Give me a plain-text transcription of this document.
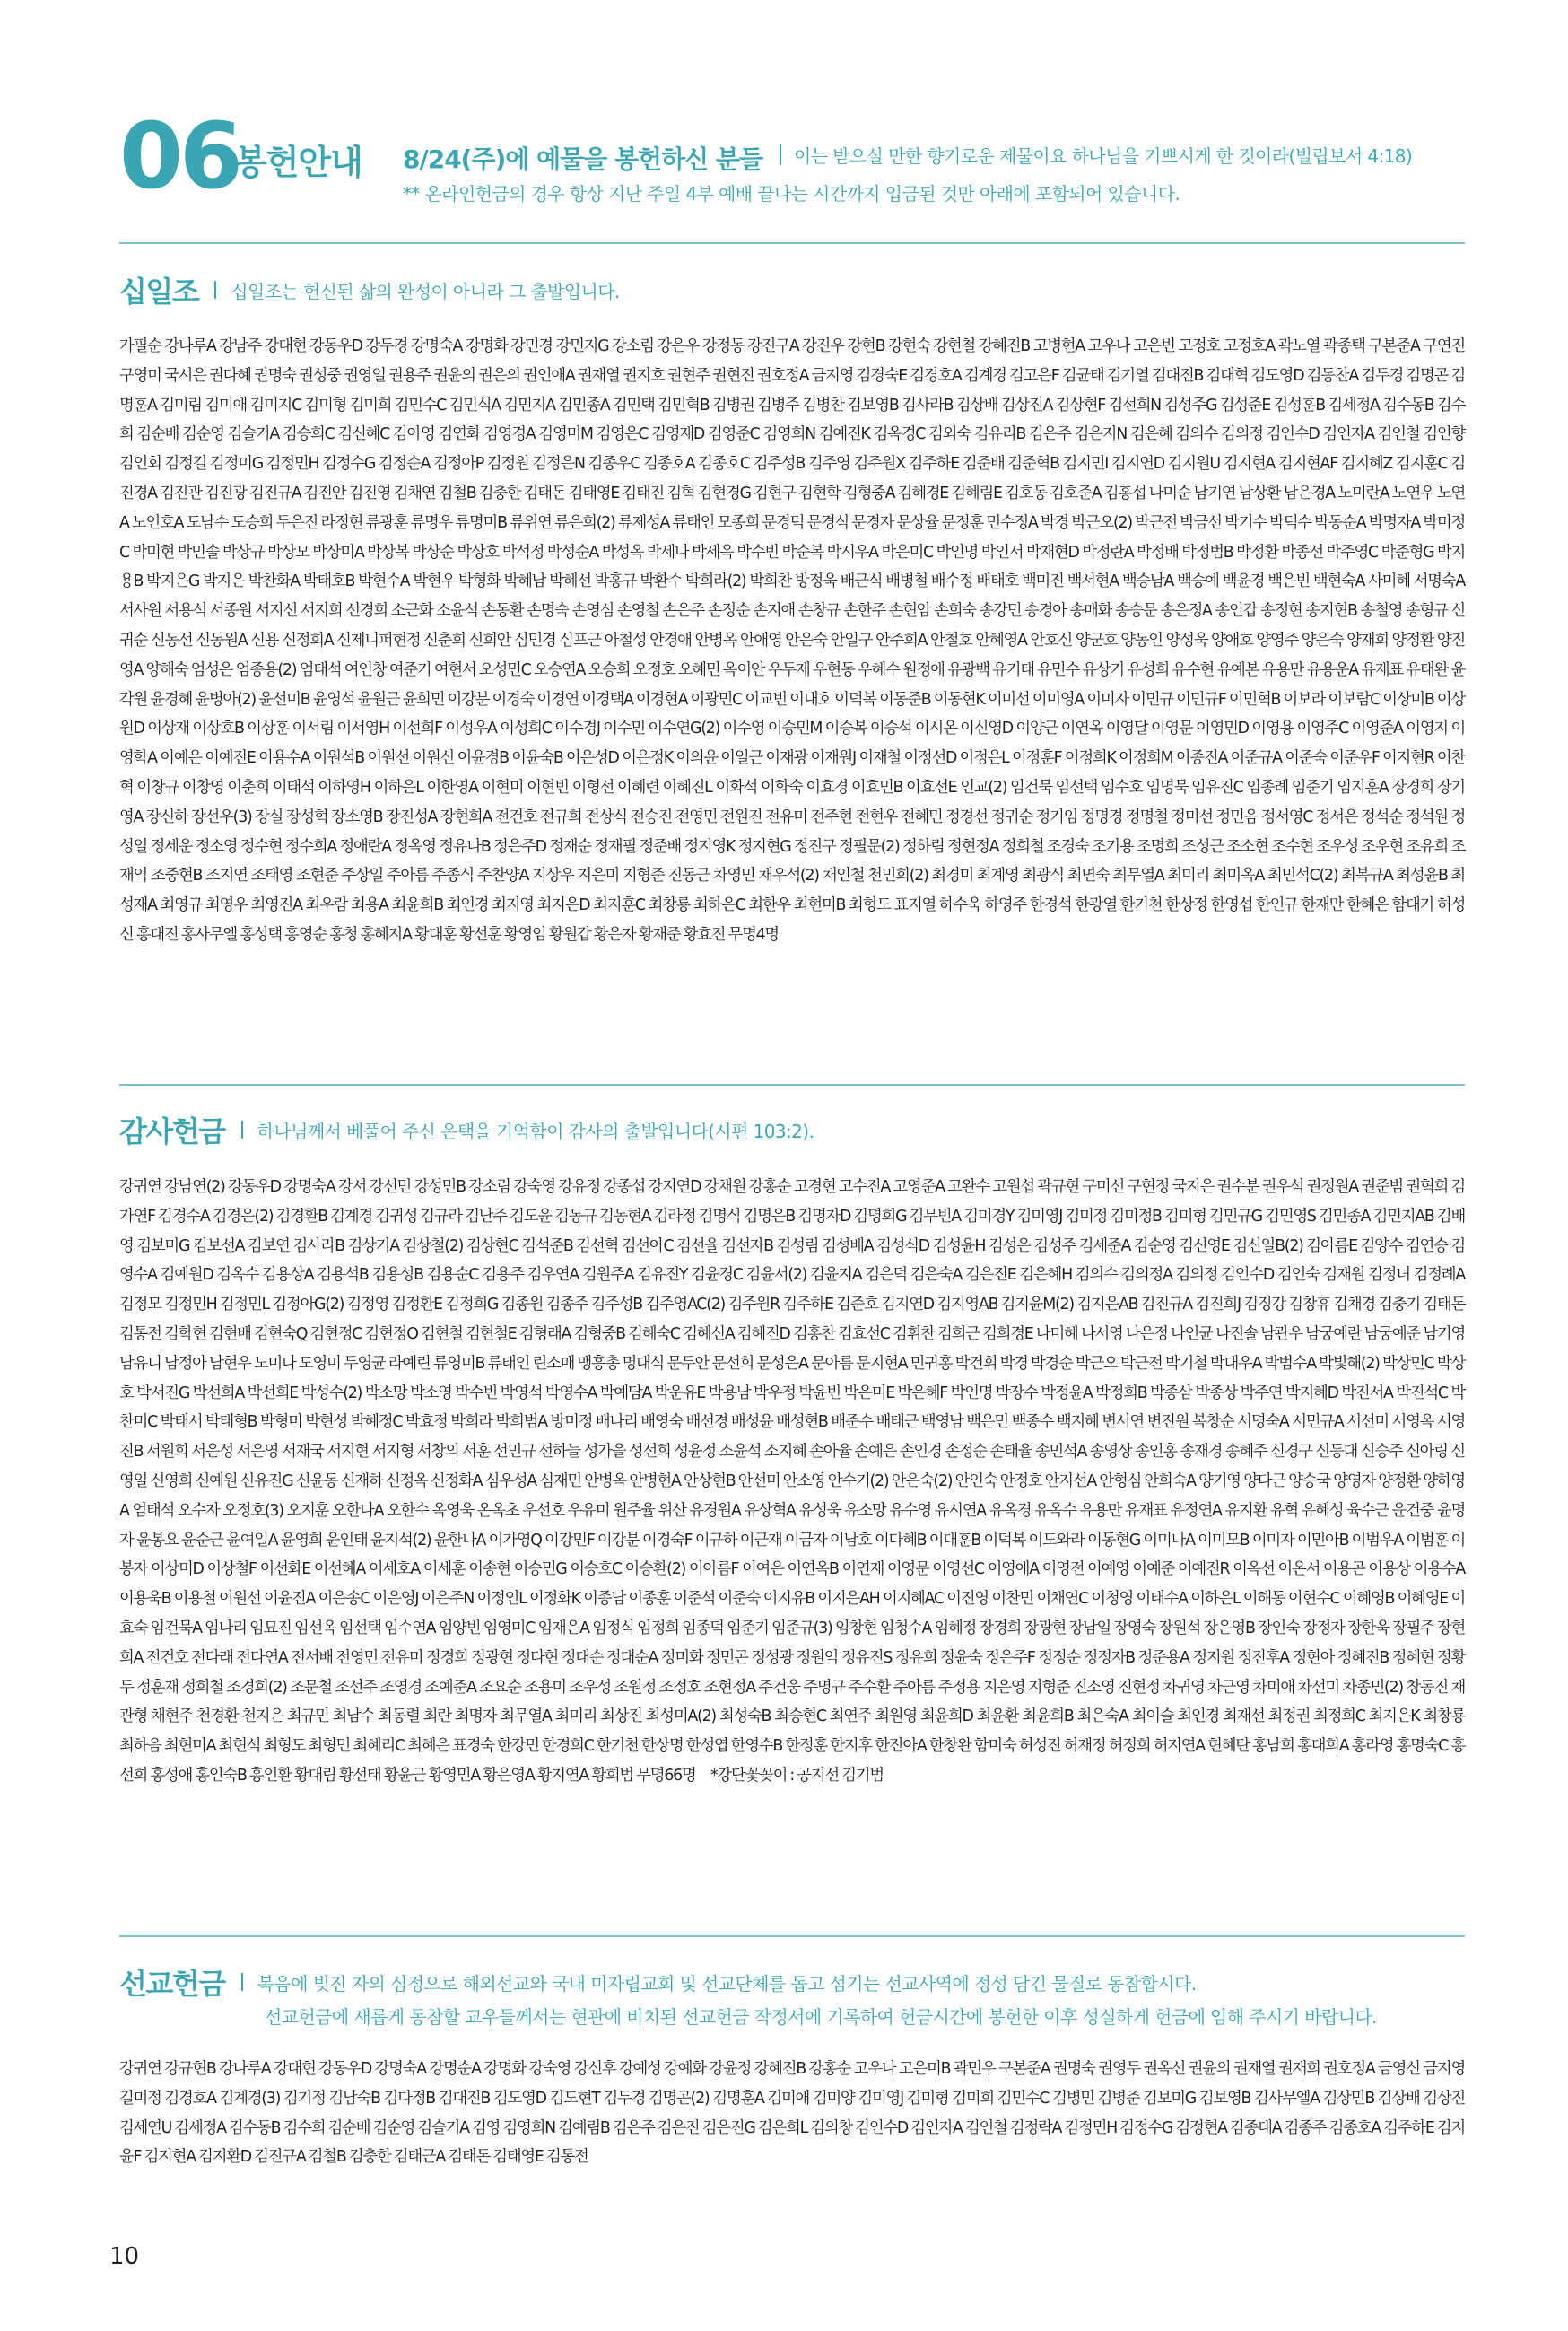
06
봉헌안내 8/24(주)에 예물을 봉헌하신 분들 이는 받으실 만한 향기로운 제물이요 하나님을 기쁘시게 한 것이라(빌립보서 4:18)
** 온라인헌금의 경우 항상 지난 주일 4부 예배 끝나는 시간까지 입금된 것만 아래에 포함되어 있습니다.
십일조 십일조는 헌신된 삶의 완성이 아니라 그 출발입니다.
가필순 강나루A 강남주 강대현 강동우D 강두경 강명숙A 강명화 강민경 강민지G 강소림 강은우 강정동 강진구A 강진우 강현B 강현숙 강현철 강혜진B 고병현A 고우나 고은빈 고정호 고정호A 곽노열 곽종택 구본준A 구연진 구영미 국시은 권다혜 권명숙 권성중 권영일 권용주 권윤의 권은의 권인애A 권재열 권지호 권현주 권현진 권호정A 금지영 김경숙E 김경호A 김계경 김고은F 김균태 김기열 김대진B 김대혁 김도영D 김동찬A 김두경 김명곤 김명훈A 김미림 김미애 김미지C 김미형 김미희 김민수C 김민식A 김민지A 김민종A 김민택 김민혁B 김병권 김병주 김병찬 김보영B 김사라B 김상배 김상진A 김상현F 김선희N 김성주G 김성준E 김성훈B 김세정A 김수동B 김수희 김순배 김순영 김슬기A 김승희C 김신혜C 김아영 김연화 김영경A 김영미M 김영은C 김영재D 김영준C 김영희N 김예진K 김옥경C 김외숙 김유리B 김은주 김은지N 김은혜 김의수 김의정 김인수D 김인자A 김인철 김인향 김인회 김정길 김정미G 김정민H 김정수G 김정순A 김정아P 김정원 김정은N 김종우C 김종호A 김종호C 김주성B 김주영 김주원X 김주하E 김준배 김준혁B 김지민I 김지연D 김지원U 김지현A 김지현AF 김지혜Z 김지훈C 김진경A 김진관 김진광 김진규A 김진안 김진영 김채연 김철B 김충한 김태돈 김태영E 김태진 김혁 김현경G 김현구 김현학 김형중A 김혜경E 김혜림E 김호동 김호준A 김홍섭 나미순 남기연 남상환 남은경A 노미란A 노연우 노연A 노인호A 도남수 도승희 두은진 라정현 류광훈 류명우 류명미B 류위연 류은희(2) 류제성A 류태인 모종희 문경덕 문경식 문경자 문상율 문정훈 민수정A 박경 박근오(2) 박근전 박금선 박기수 박덕수 박동순A 박명자A 박미정C 박미현 박민솔 박상규 박상모 박상미A 박상복 박상순 박상호 박석정 박성순A 박성옥 박세나 박세옥 박수빈 박순복 박시우A 박은미C 박인명 박인서 박재현D 박정란A 박정배 박정범B 박정환 박종선 박주영C 박준형G 박지용B 박지은G 박지은 박찬화A 박태호B 박현수A 박현우 박형화 박혜남 박혜선 박홍규 박환수 박희라(2) 박희찬 방정욱 배근식 배병철 배수정 배태호 백미진 백서현A 백승남A 백승예 백윤경 백은빈 백현숙A 사미혜 서명숙A 서사원 서용석 서종원 서지선 서지희 선경희 소근화 소윤석 손동환 손명숙 손영심 손영철 손은주 손정순 손지애 손창규 손한주 손현암 손희숙 송강민 송경아 송매화 송승문 송은정A 송인갑 송정현 송지현B 송철영 송형규 신귀순 신동선 신동원A 신용 신정희A 신제니퍼현정 신춘희 신희안 심민경 심프근 아철성 안경애 안병옥 안애영 안은숙 안일구 안주희A 안철호 안혜영A 안호신 양군호 양동인 양성욱 양애호 양영주 양은숙 양재희 양정환 양진영A 양해숙 엄성은 엄종용(2) 엄태석 여인창 여준기 여현서 오성민C 오승연A 오승희 오정호 오혜민 옥이안 우두제 우현동 우혜수 원정애 유광백 유기태 유민수 유상기 유성희 유수현 유예본 유용만 유용운A 유재표 유태완 윤각원 윤경혜 윤병아(2) 윤선미B 윤영석 윤원근 윤희민 이강분 이경숙 이경연 이경택A 이경현A 이광민C 이교빈 이내호 이덕복 이동준B 이동현K 이미선 이미영A 이미자 이민규 이민규F 이민혁B 이보라 이보람C 이상미B 이상원D 이상재 이상호B 이상훈 이서림 이서영H 이선희F 이성우A 이성희C 이수경J 이수민 이수연G(2) 이수영 이승민M 이승복 이승석 이시온 이신영D 이양근 이연옥 이영달 이영문 이영민D 이영용 이영주C 이영준A 이영지 이영학A 이예은 이예진E 이용수A 이원석B 이원선 이원신 이윤경B 이윤숙B 이은성D 이은정K 이의윤 이일근 이재광 이재원J 이재철 이정선D 이정은L 이정훈F 이정희K 이정희M 이종진A 이준규A 이준숙 이준우F 이지현R 이찬혁 이창규 이창영 이춘희 이태석 이하영H 이하은L 이한영A 이현미 이현빈 이형선 이혜련 이혜진L 이화석 이화숙 이효경 이효민B 이효선E 인교(2) 임건묵 임선택 임수호 임명묵 임유진C 임종례 임준기 임지훈A 장경희 장기영A 장신하 장선우(3) 장실 장성혁 장소영B 장진성A 장현희A 전건호 전규희 전상식 전승진 전영민 전원진 전유미 전주현 전현우 전혜민 정경선 정귀순 정기임 정명경 정명철 정미선 정민음 정서영C 정서은 정석순 정석원 정성일 정세운 정소영 정수현 정수희A 정애란A 정옥영 정유나B 정은주D 정재순 정재필 정준배 정지영K 정지현G 정진구 정필문(2) 정하림 정현정A 정희철 조경숙 조기용 조명희 조성근 조소현 조수현 조우성 조우현 조유희 조재익 조중현B 조지연 조태영 조현준 주상일 주아름 주종식 주찬양A 지상우 지은미 지형준 진동근 차영민 채우석(2) 채인철 천민희(2) 최경미 최계영 최광식 최면숙 최무열A 최미리 최미옥A 최민석C(2) 최복규A 최성윤B 최성재A 최영규 최영우 최영진A 최우람 최용A 최윤희B 최인경 최지영 최지은D 최지훈C 최창룡 최하은C 최한우 최현미B 최형도 표지열 하수욱 하영주 한경석 한광열 한기천 한상정 한영섭 한인규 한재만 한혜은 함대기 허성신 홍대진 홍사무엘 홍성택 홍영순 홍청 홍혜지A 황대훈 황선훈 황영임 황원갑 황은자 황재준 황효진 무명4명
감사헌금 하나님께서 베풀어 주신 은택을 기억함이 감사의 출발입니다(시편 103:2).
강귀연 강남연(2) 강동우D 강명숙A 강서 강선민 강성민B 강소림 강숙영 강유정 강종섭 강지연D 강채원 강홍순 고경현 고수진A 고영준A 고완수 고원섭 곽규현 구미선 구현정 국지은 권수분 권우석 권정원A 권준범 권혁희 김가연F 김경수A 김경은(2) 김경환B 김계경 김귀성 김규라 김난주 김도윤 김동규 김동현A 김라정 김명식 김명은B 김명자D 김명희G 김무빈A 김미경Y 김미영J 김미정 김미정B 김미형 김민규G 김민영S 김민종A 김민지AB 김배영 김보미G 김보선A 김보연 김사라B 김상기A 김상철(2) 김상현C 김석준B 김선혁 김선아C 김선율 김선자B 김성림 김성배A 김성식D 김성윤H 김성은 김성주 김세준A 김순영 김신영E 김신일B(2) 김아름E 김양수 김연승 김영수A 김예원D 김옥수 김용상A 김용석B 김용성B 김용순C 김용주 김우연A 김원주A 김유진Y 김윤경C 김윤서(2) 김윤지A 김은덕 김은숙A 김은진E 김은혜H 김의수 김의정A 김의정 김인수D 김인숙 김재원 김정녀 김정례A 김정모 김정민H 김정민L 김정아G(2) 김정영 김정환E 김정희G 김종원 김종주 김주성B 김주영AC(2) 김주원R 김주하E 김준호 김지연D 김지영AB 김지윤M(2) 김지은AB 김진규A 김진희J 김징강 김창휴 김채경 김충기 김태돈 김통전 김학현 김현배 김현숙Q 김현정C 김현정O 김현철 김현철E 김형래A 김형중B 김혜숙C 김혜신A 김혜진D 김홍찬 김효선C 김휘찬 김희근 김희경E 나미혜 나서영 나은정 나인균 나진솔 남관우 남궁예란 남궁예준 남기영 남유니 남정아 남현우 노미나 도영미 두영균 라예린 류영미B 류태인 린소매 맹흥총 명대식 문두안 문선희 문성은A 문아름 문지현A 민귀홍 박건휘 박경 박경순 박근오 박근전 박기철 박대우A 박범수A 박빛해(2) 박상민C 박상호 박서진G 박선희A 박선희E 박성수(2) 박소망 박소영 박수빈 박영석 박영수A 박예담A 박운유E 박용남 박우정 박윤빈 박은미E 박은혜F 박인명 박장수 박정윤A 박정희B 박종삼 박종상 박주연 박지혜D 박진서A 박진석C 박찬미C 박태서 박태형B 박형미 박현성 박혜정C 박효정 박희라 박희범A 방미정 배나리 배영숙 배선경 배성윤 배성현B 배준수 배태근 백영남 백은민 백종수 백지혜 변서연 변진원 복창순 서명숙A 서민규A 서선미 서영옥 서영진B 서원희 서은성 서은영 서재국 서지현 서지형 서창의 서훈 선민규 선하늘 성가을 성선희 성윤정 소윤석 소지혜 손아율 손예은 손인경 손정순 손태율 송민석A 송영상 송인홍 송재경 송혜주 신경구 신동대 신승주 신아링 신영일 신영희 신예원 신유진G 신윤동 신재하 신정옥 신정화A 심우성A 심재민 안병옥 안병현A 안상현B 안선미 안소영 안수기(2) 안은숙(2) 안인숙 안정호 안지선A 안형심 안희숙A 양기영 양다근 양승국 양영자 양정환 양하영A 엄태석 오수자 오정호(3) 오지훈 오한나A 오한수 옥영욱 온옥초 우선호 우유미 원주율 위산 유경원A 유상혁A 유성욱 유소망 유수영 유시연A 유옥경 유옥수 유용만 유재표 유정연A 유지환 유혁 유혜성 육수근 윤건중 윤명자 윤봉요 윤순근 윤여일A 윤영희 윤인태 윤지석(2) 윤한나A 이가영Q 이강민F 이강분 이경숙F 이규하 이근재 이금자 이남호 이다혜B 이대훈B 이덕복 이도와라 이동현G 이미나A 이미모B 이미자 이민아B 이범우A 이범훈 이봉자 이상미D 이상철F 이선화E 이선혜A 이세호A 이세훈 이송현 이승민G 이승호C 이승환(2) 이아름F 이여은 이연옥B 이연재 이영문 이영선C 이영애A 이영전 이예영 이예준 이예진R 이옥선 이온서 이용곤 이용상 이용수A 이용욱B 이용철 이원선 이윤진A 이은송C 이은영J 이은주N 이정인L 이정화K 이종남 이종훈 이준석 이준숙 이지유B 이지은AH 이지혜AC 이진영 이찬민 이채연C 이청영 이태수A 이하은L 이해동 이현수C 이혜영B 이혜영E 이효숙 임건묵A 임나리 임묘진 임선옥 임선택 임수연A 임양빈 임영미C 임재은A 임정식 임정희 임종덕 임준기 임준규(3) 임창현 임청수A 임혜정 장경희 장광현 장남일 장영숙 장원석 장은영B 장인숙 장정자 장한욱 장필주 장현희A 전건호 전다래 전다연A 전서배 전영민 전유미 정경희 정광현 정다현 정대순 정대순A 정미화 정민곤 정성광 정원익 정유진S 정유희 정윤숙 정은주F 정정순 정정자B 정준용A 정지원 정진후A 정현아 정혜진B 정혜현 정황두 정훈재 정희철 조경희(2) 조문철 조선주 조영경 조예준A 조요순 조용미 조우성 조원정 조정호 조현정A 주건웅 주명규 주수환 주아름 주정용 지은영 지형준 진소영 진현정 차귀영 차근영 차미애 차선미 차종민(2) 창동진 채관형 채현주 천경환 천지은 최규민 최남수 최동렬 최란 최명자 최무열A 최미리 최상진 최성미A(2) 최성숙B 최승현C 최연주 최원영 최윤희D 최윤환 최윤희B 최은숙A 최이슬 최인경 최재선 최정권 최정희C 최지은K 최창룡 최하음 최현미A 최현석 최형도 최형민 최혜리C 최혜은 표경숙 한강민 한경희C 한기천 한상명 한성엽 한영수B 한정훈 한지후 한진아A 한창완 함미숙 허성진 허재정 허정희 허지연A 현혜탄 홍남희 홍대희A 홍라영 홍명숙C 홍선희 홍성애 홍인숙B 홍인환 황대림 황선태 황윤근 황영민A 황은영A 황지연A 황희범 무명66명 *강단꽃꽂이 : 공지선 김기범
선교헌금 복음에 빚진 자의 심정으로 해외선교와 국내 미자립교회 및 선교단체를 돕고 섬기는 선교사역에 정성 담긴 물질로 동참합시다.
선교헌금에 새롭게 동참할 교우들께서는 현관에 비치된 선교헌금 작정서에 기록하여 헌금시간에 봉헌한 이후 성실하게 헌금에 임해 주시기 바랍니다.
강귀연 강규현B 강나루A 강대현 강동우D 강명숙A 강명순A 강명화 강숙영 강신후 강예성 강예화 강윤정 강혜진B 강홍순 고우나 고은미B 곽민우 구본준A 권명숙 권영두 권옥선 권윤의 권재열 권재희 권호정A 금영신 금지영 길미정 김경호A 김계경(3) 김기정 김남숙B 김다정B 김대진B 김도영D 김도현T 김두경 김명곤(2) 김명훈A 김미애 김미양 김미영J 김미형 김미희 김민수C 김병민 김병준 김보미G 김보영B 김사무엘A 김상민B 김상배 김상진 김세연U 김세정A 김수동B 김수희 김순배 김순영 김슬기A 김영 김영희N 김예림B 김은주 김은진 김은진G 김은희L 김의창 김인수D 김인자A 김인철 김정락A 김정민H 김정수G 김정현A 김종대A 김종주 김종호A 김주하E 김지윤F 김지현A 김지환D 김진규A 김철B 김충한 김태근A 김태돈 김태영E 김통전
10
